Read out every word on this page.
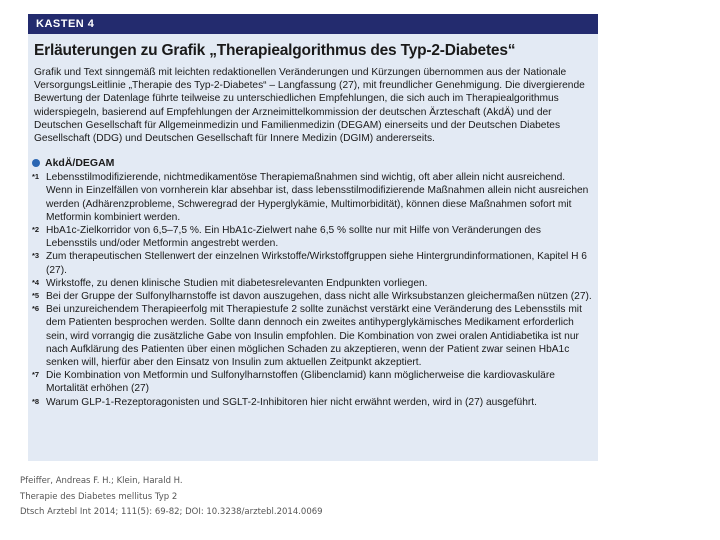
KASTEN 4
Erläuterungen zu Grafik „Therapiealgorithmus des Typ-2-Diabetes“
Grafik und Text sinngemäß mit leichten redaktionellen Veränderungen und Kürzungen übernommen aus der Nationale VersorgungsLeitlinie „Therapie des Typ-2-Diabetes“ – Langfassung (27), mit freundlicher Genehmigung. Die divergierende Bewertung der Datenlage führte teilweise zu unterschiedlichen Empfehlungen, die sich auch im Therapiealgorithmus widerspiegeln, basierend auf Empfehlungen der Arzneimittelkommission der deutschen Ärzteschaft (AkdÄ) und der Deutschen Gesellschaft für Allgemeinmedizin und Familienmedizin (DEGAM) einerseits und der Deutschen Diabetes Gesellschaft (DDG) und Deutschen Gesellschaft für Innere Medizin (DGIM) andererseits.
AkdÄ/DEGAM
*1 Lebensstilmodifizierende, nichtmedikamentöse Therapiemaßnahmen sind wichtig, oft aber allein nicht ausreichend. Wenn in Einzelfällen von vornherein klar absehbar ist, dass lebensstilmodifizierende Maßnahmen allein nicht ausreichen werden (Adhärenzprobleme, Schweregrad der Hyperglykämie, Multimorbidität), können diese Maßnahmen sofort mit Metformin kombiniert werden.
*2 HbA1c-Zielkorridor von 6,5–7,5 %. Ein HbA1c-Zielwert nahe 6,5 % sollte nur mit Hilfe von Veränderungen des Lebensstils und/oder Metformin angestrebt werden.
*3 Zum therapeutischen Stellenwert der einzelnen Wirkstoffe/Wirkstoffgruppen siehe Hintergrundinformationen, Kapitel H 6 (27).
*4 Wirkstoffe, zu denen klinische Studien mit diabetesrelevanten Endpunkten vorliegen.
*5 Bei der Gruppe der Sulfonylharnstoffe ist davon auszugehen, dass nicht alle Wirksubstanzen gleichermaßen nützen (27).
*6 Bei unzureichendem Therapieerfolg mit Therapiestufe 2 sollte zunächst verstärkt eine Veränderung des Lebensstils mit dem Patienten besprochen werden. Sollte dann dennoch ein zweites antihyperglykämisches Medikament erforderlich sein, wird vorrangig die zusätzliche Gabe von Insulin empfohlen. Die Kombination von zwei oralen Antidiabetika ist nur nach Aufklärung des Patienten über einen möglichen Schaden zu akzeptieren, wenn der Patient zwar seinen HbA1c senken will, hierfür aber den Einsatz von Insulin zum aktuellen Zeitpunkt akzeptiert.
*7 Die Kombination von Metformin und Sulfonylharnstoffen (Glibenclamid) kann möglicherweise die kardiovaskuläre Mortalität erhöhen (27)
*8 Warum GLP-1-Rezeptoragonisten und SGLT-2-Inhibitoren hier nicht erwähnt werden, wird in (27) ausgeführt.
Pfeiffer, Andreas F. H.; Klein, Harald H.
Therapie des Diabetes mellitus Typ 2
Dtsch Arztebl Int 2014; 111(5): 69-82; DOI: 10.3238/arztebl.2014.0069
